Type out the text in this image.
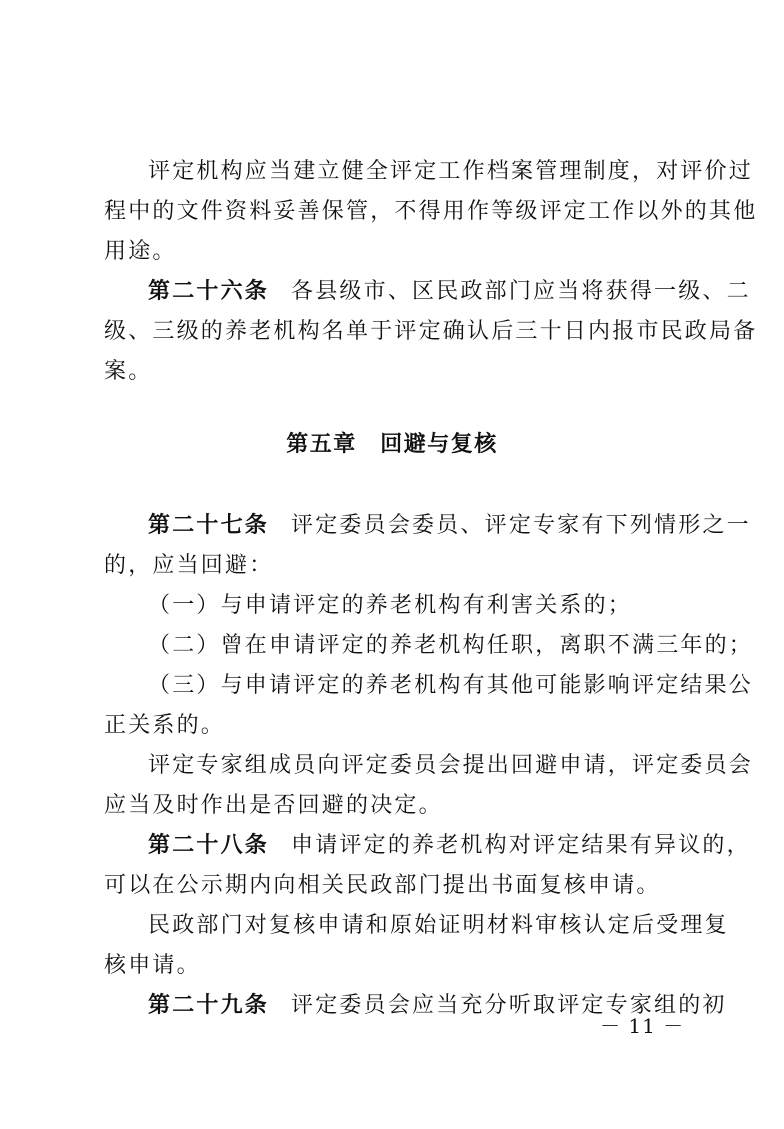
评定机构应当建立健全评定工作档案管理制度，对评价过
程中的文件资料妥善保管，不得用作等级评定工作以外的其他
用途。
第二十六条 各县级市、区民政部门应当将获得一级、二
级、三级的养老机构名单于评定确认后三十日内报市民政局备
案。
第五章　回避与复核
第二十七条 评定委员会委员、评定专家有下列情形之一
的，应当回避：
（一）与申请评定的养老机构有利害关系的；
（二）曾在申请评定的养老机构任职，离职不满三年的；
（三）与申请评定的养老机构有其他可能影响评定结果公
正关系的。
评定专家组成员向评定委员会提出回避申请，评定委员会
应当及时作出是否回避的决定。
第二十八条 申请评定的养老机构对评定结果有异议的，
可以在公示期内向相关民政部门提出书面复核申请。
民政部门对复核申请和原始证明材料审核认定后受理复
核申请。
第二十九条 评定委员会应当充分听取评定专家组的初
－ 11 －
